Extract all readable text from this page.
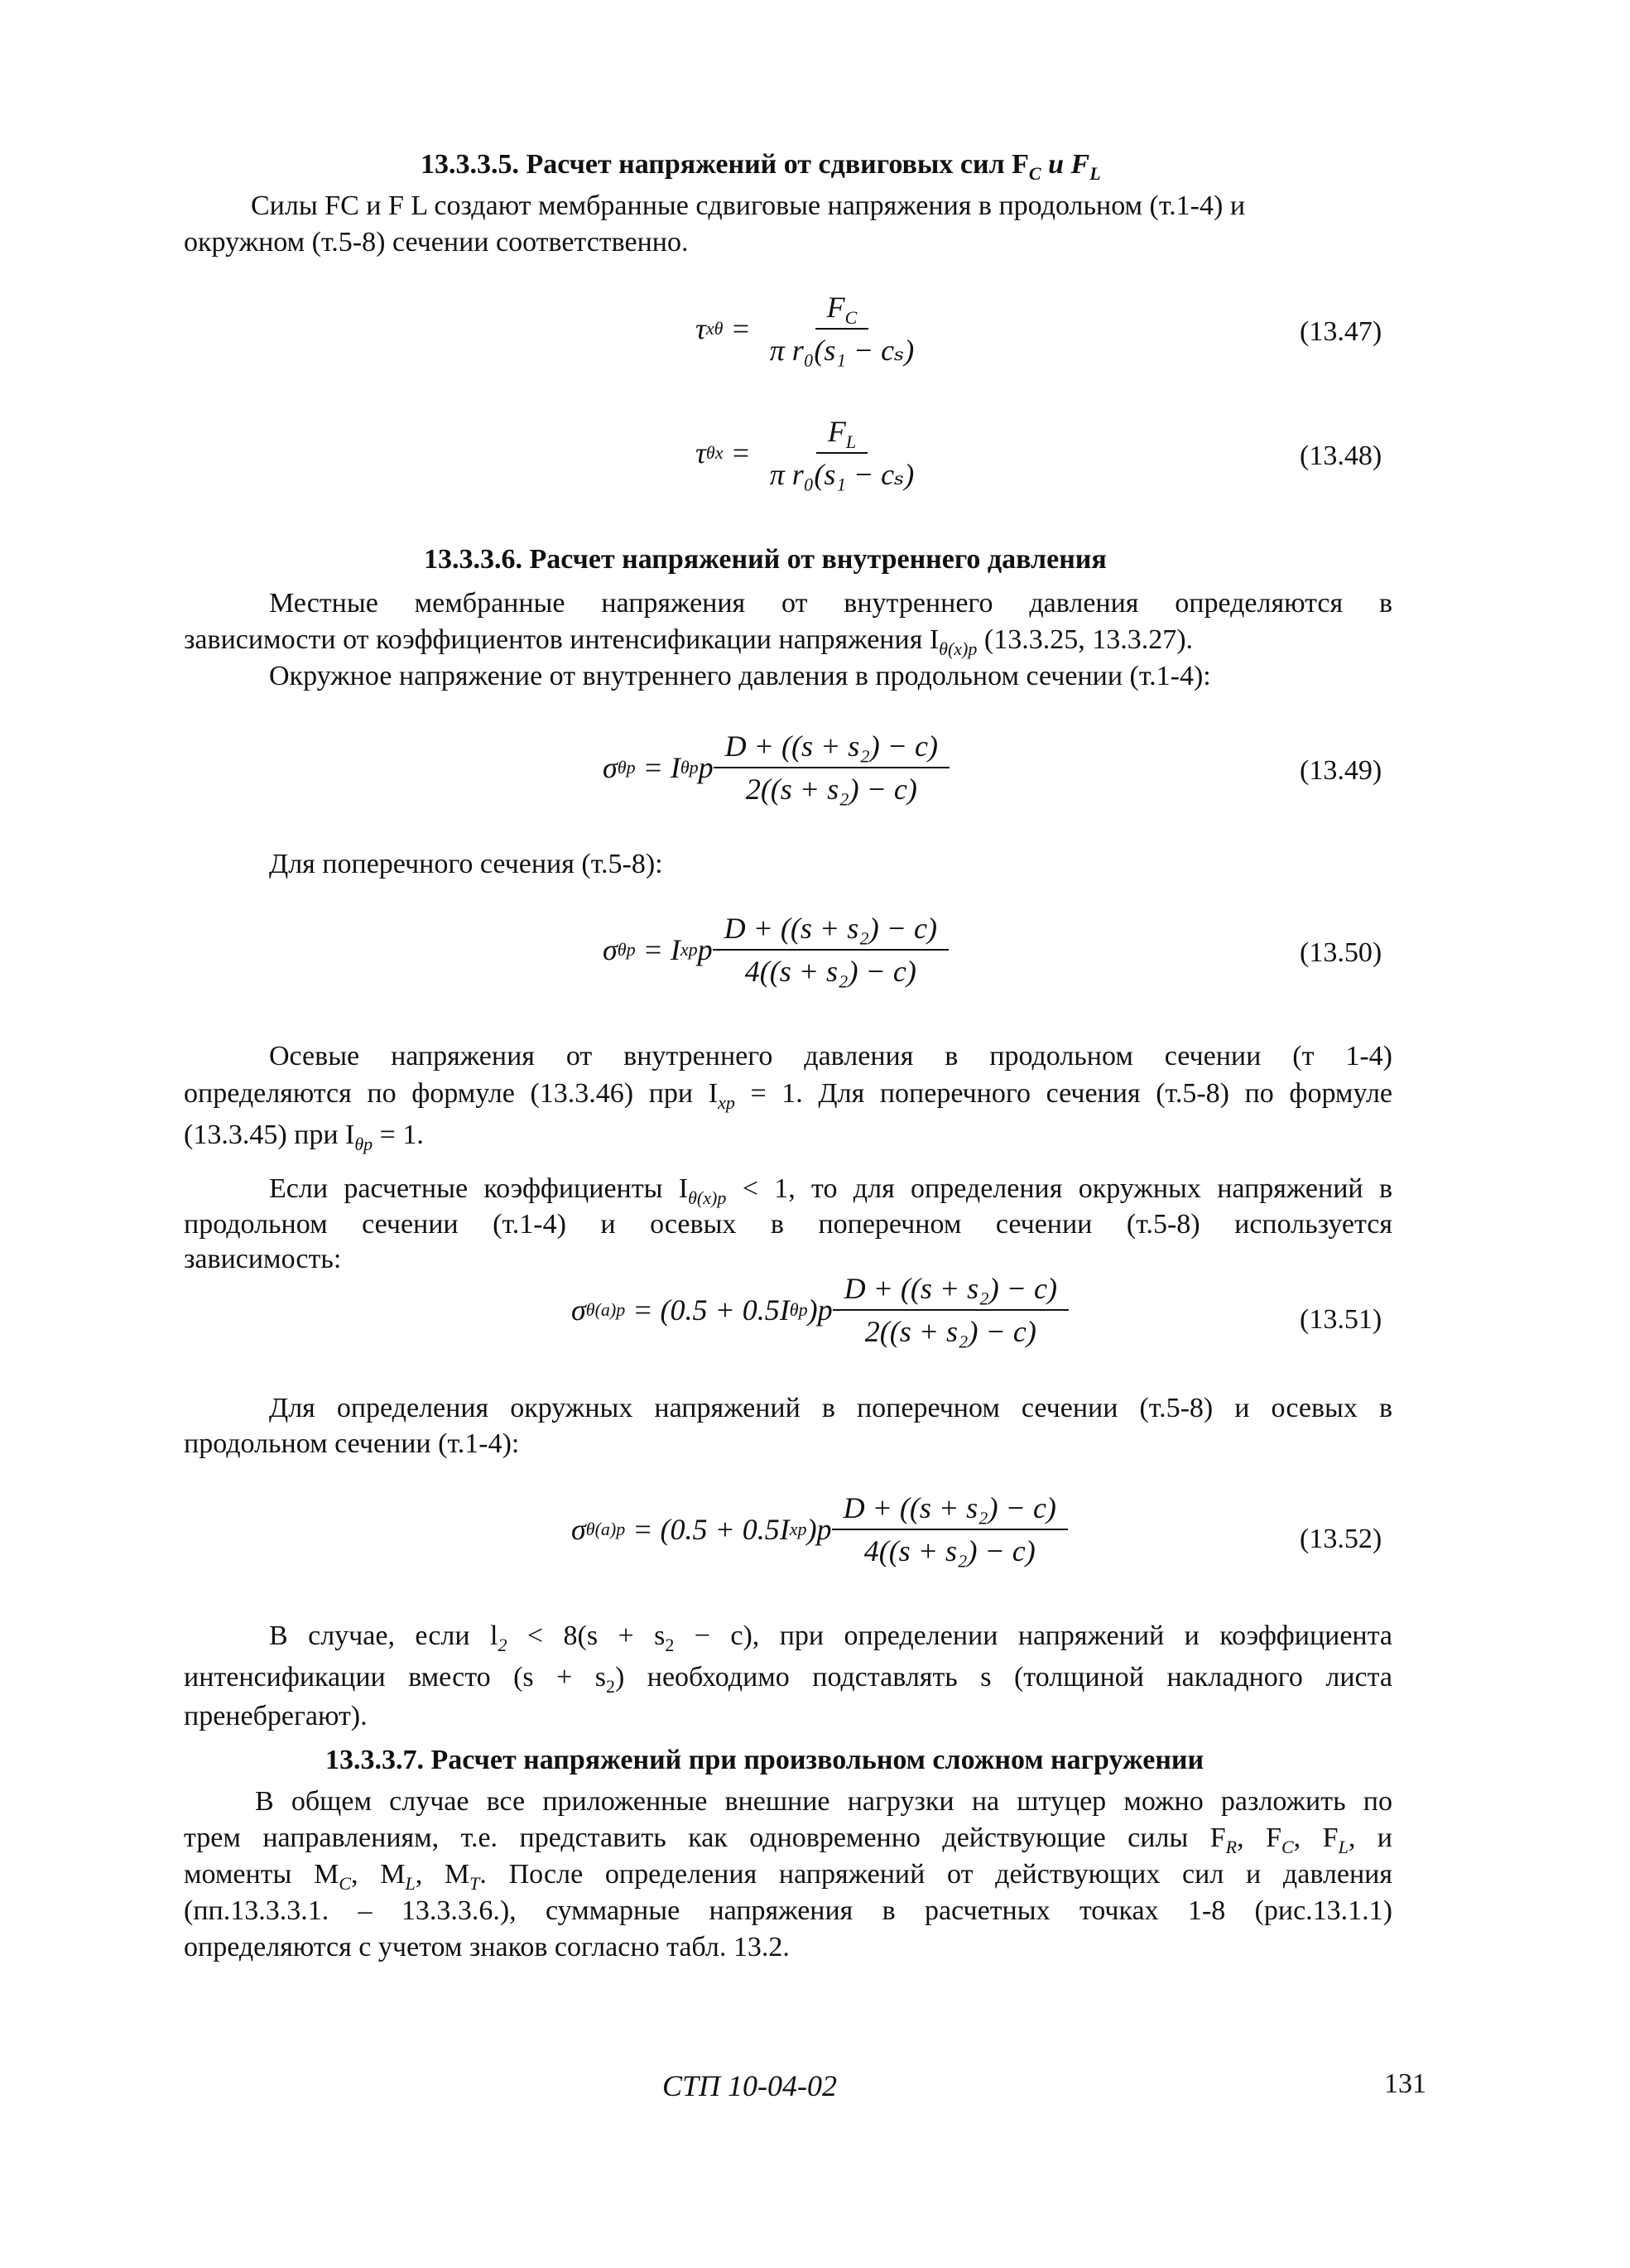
13.3.3.5. Расчет напряжений от сдвиговых сил $F_C$ и $F_L$
Силы FC и F L создают мембранные сдвиговые напряжения в продольном (т.1-4) и
окружном (т.5-8) сечении соответственно.
τ $x\theta = \frac{F_C}{\text{π r₀(s₁ − cₛ)}}$	(13.47)
τ $\theta x = \frac{F_L}{\text{π r₀(s₁ − cₛ)}}$	(13.48)
13.3.3.6. Расчет напряжений от внутреннего давления
Местные мембранные напряжения от внутреннего давления определяются в
зависимости от коэффициентов интенсификации напряжения $I_{\theta(x)p}$ (13.3.25, 13.3.27).
Окружное напряжение от внутреннего давления в продольном сечении (т.1-4):
σ θp
= I θp p $\frac{\text{D + ((s + s₂) − c)}}{\text{2((s + s₂) − c)}}$	(13.49)
Для поперечного сечения (т.5-8):
σ θp
= I xp p $\frac{\text{D + ((s + s₂) − c)}}{\text{4((s + s₂) − c)}}$	(13.50)
Осевые напряжения от внутреннего давления в продольном сечении (т 1-4)
определяются по формуле (13.3.46) при $I_{xp} = 1$. Для поперечного сечения (т.5-8) по формуле
(13.3.45) при $I_{\theta p} = 1$.
Если расчетные коэффициенты $I_{\theta(x)p} < 1$, то для определения окружных напряжений в
продольном сечении (т.1-4) и осевых в поперечном сечении (т.5-8) используется
зависимость:
σ θ(a)p
= (0.5 + 0.5I θp )$p \frac{\text{D + ((s + s₂) − c)}}{\text{2((s + s₂) − c)}}$	(13.51)
Для определения окружных напряжений в поперечном сечении (т.5-8) и осевых в
продольном сечении (т.1-4):
σ θ(a)p
= (0.5 + 0.5I xp )$p \frac{\text{D + ((s + s₂) − c)}}{\text{4((s + s₂) − c)}}$	(13.52)
В случае, если $l_2 < 8(s + s_2 - c)$, при определении напряжений и коэффициента
интенсификации вместо $(s + s_2)$ необходимо подставлять s (толщиной накладного листа
пренебрегают).
13.3.3.7. Расчет напряжений при произвольном сложном нагружении
В общем случае все приложенные внешние нагрузки на штуцер можно разложить по
трем направлениям, т.е. представить как одновременно действующие силы $F_R$, $F_C$, $F_L$, и
моменты $M_C$, $M_L$, $M_T$. После определения напряжений от действующих сил и давления
(пп.13.3.3.1. – 13.3.3.6.), суммарные напряжения в расчетных точках 1-8 (рис.13.1.1)
определяются с учетом знаков согласно табл. 13.2.
СТП 10-04-02	131
